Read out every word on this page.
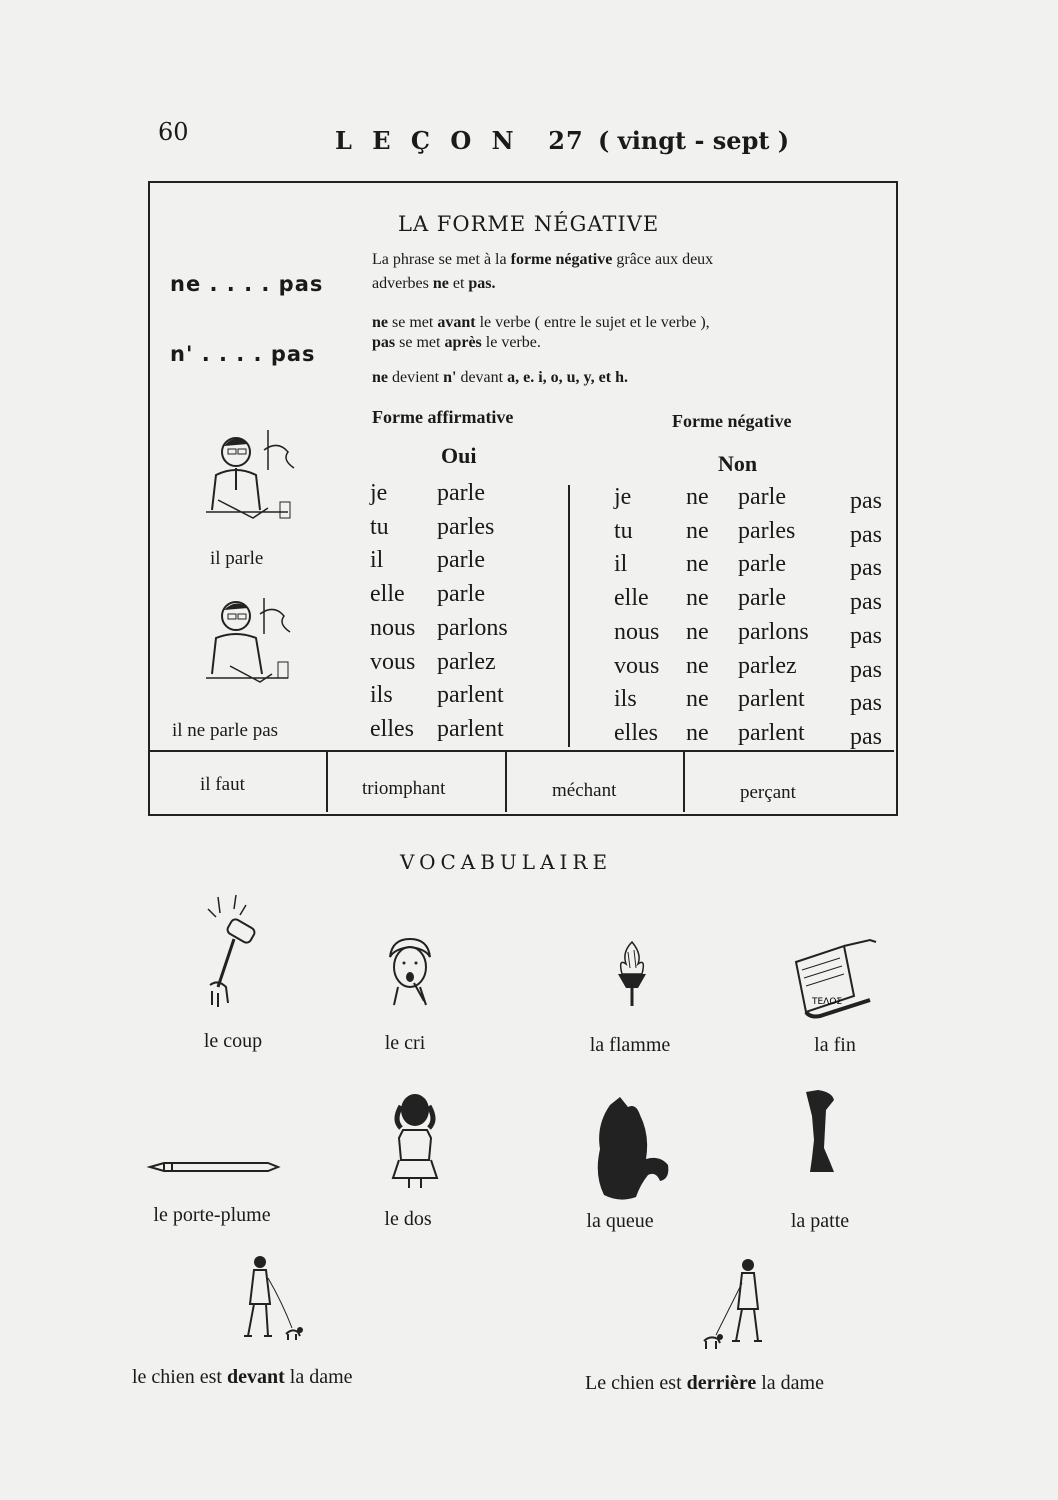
60	L E Ç O N 27 ( vingt - sept )
LA FORME NÉGATIVE
ne . . . . pas
n' . . . . pas
La phrase se met à la forme négative grâce aux deux
adverbes ne et pas.
ne se met avant le verbe ( entre le sujet et le verbe ),
pas se met après le verbe.
ne devient n' devant a, e. i, o, u, y, et h.
Forme affirmative	Forme négative
Oui	Non
je parle
tu parles
il parle
elle parle
nous parlons
vous parlez
ils parlent
elles parlent
je ne parle	pas
tu ne parles pas
il ne parle	pas
elle ne parle	pas
nous ne parlons pas
vous ne parlez pas
ils ne parlent pas
elles ne parlent pas
il parle
il ne parle pas
il faut	triomphant	méchant	perçant
VOCABULAIRE
le coup	le cri	la flamme
ΤΕΛΟΣ
la fin
le porte-plume	le dos	la queue	la patte
le chien est devant la dame	Le chien est derrière la dame
